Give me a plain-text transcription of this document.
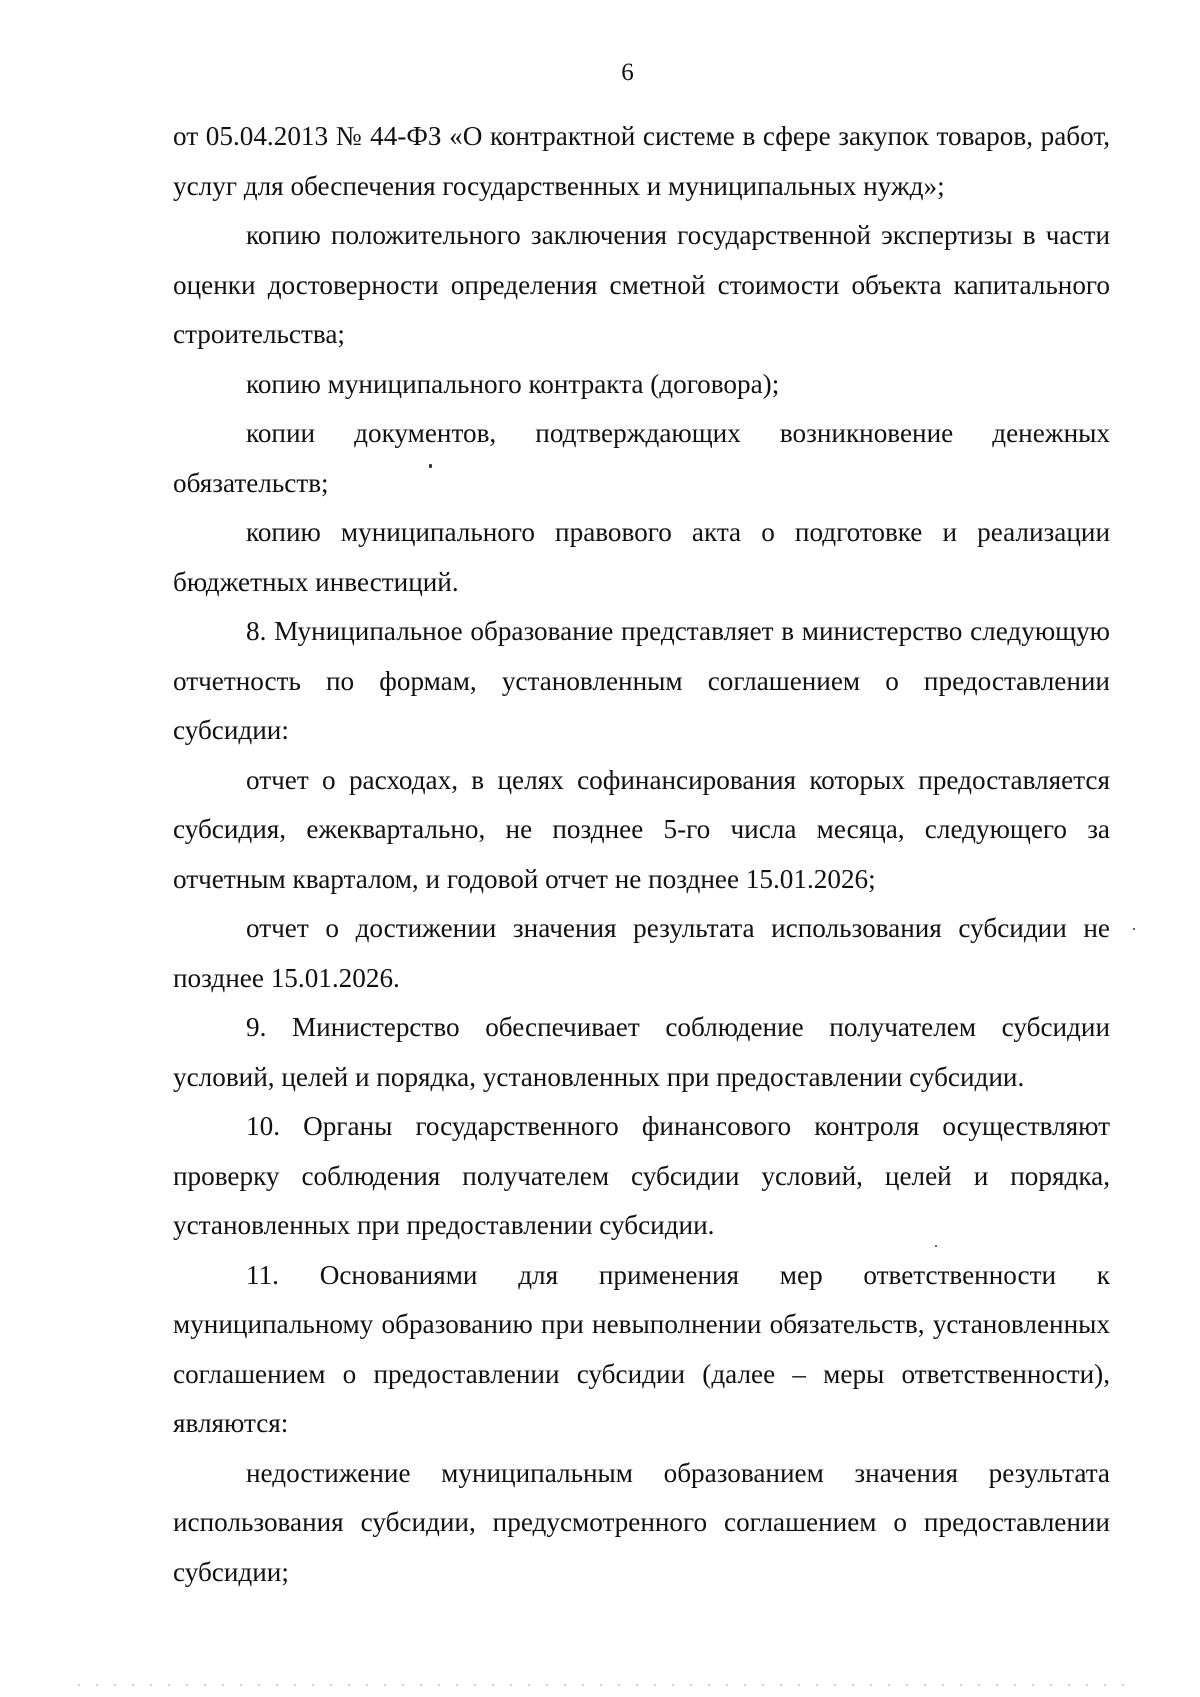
6

от 05.04.2013 № 44-ФЗ «О контрактной системе в сфере закупок товаров, работ, услуг для обеспечения государственных и муниципальных нужд»;

копию положительного заключения государственной экспертизы в части оценки достоверности определения сметной стоимости объекта капитального строительства;

копию муниципального контракта (договора);

копии документов, подтверждающих возникновение денежных обязательств;

копию муниципального правового акта о подготовке и реализации бюджетных инвестиций.

8. Муниципальное образование представляет в министерство следующую отчетность по формам, установленным соглашением о предоставлении субсидии:

отчет о расходах, в целях софинансирования которых предоставляется субсидия, ежеквартально, не позднее 5-го числа месяца, следующего за отчетным кварталом, и годовой отчет не позднее 15.01.2026;

отчет о достижении значения результата использования субсидии не позднее 15.01.2026.

9. Министерство обеспечивает соблюдение получателем субсидии условий, целей и порядка, установленных при предоставлении субсидии.

10. Органы государственного финансового контроля осуществляют проверку соблюдения получателем субсидии условий, целей и порядка, установленных при предоставлении субсидии.

11. Основаниями для применения мер ответственности к муниципальному образованию при невыполнении обязательств, установленных соглашением о предоставлении субсидии (далее – меры ответственности), являются:

недостижение муниципальным образованием значения результата использования субсидии, предусмотренного соглашением о предоставлении субсидии;
